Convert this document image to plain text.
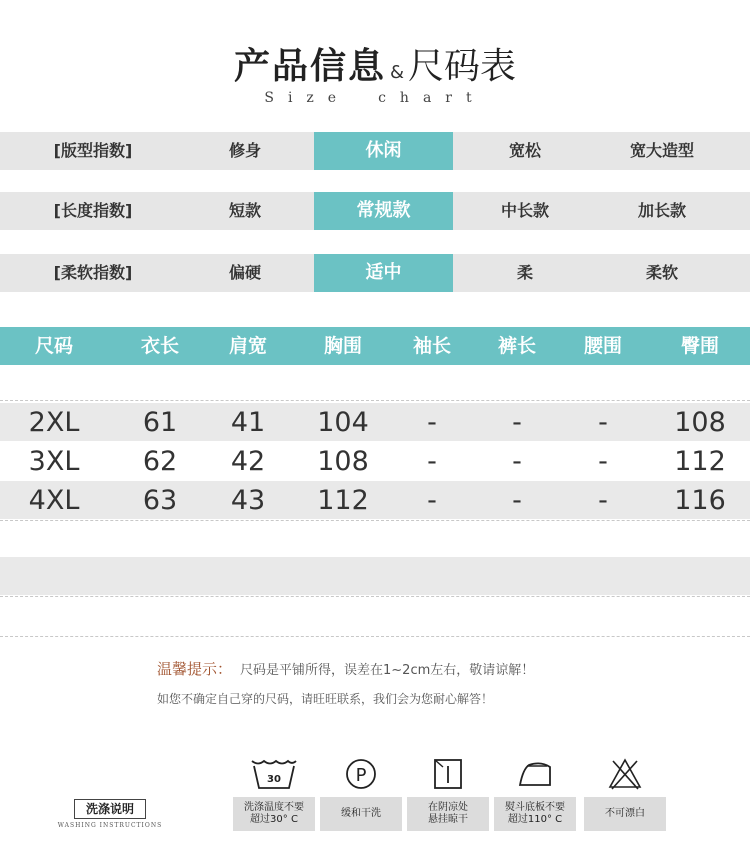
产品信息 & 尺码表
Size chart
[版型指数]	修身	休闲	宽松	宽大造型
[长度指数]	短款	常规款	中长款	加长款
[柔软指数]	偏硬	适中	柔	柔软
尺码	衣长	肩宽	胸围	袖长	裤长	腰围	臀围
2XL	61	41	104	-	-	-	108
3XL	62	42	108	-	-	-	112
4XL	63	43	112	-	-	-	116
温馨提示： 尺码是平铺所得，误差在1~2cm左右，敬请谅解！
如您不确定自己穿的尺码，请旺旺联系，我们会为您耐心解答！
洗涤说明
WASHING INSTRUCTIONS
30
洗涤温度不要
超过30° C
P
缓和干洗
在阴凉处
悬挂晾干
熨斗底板不要
超过110° C
不可漂白
